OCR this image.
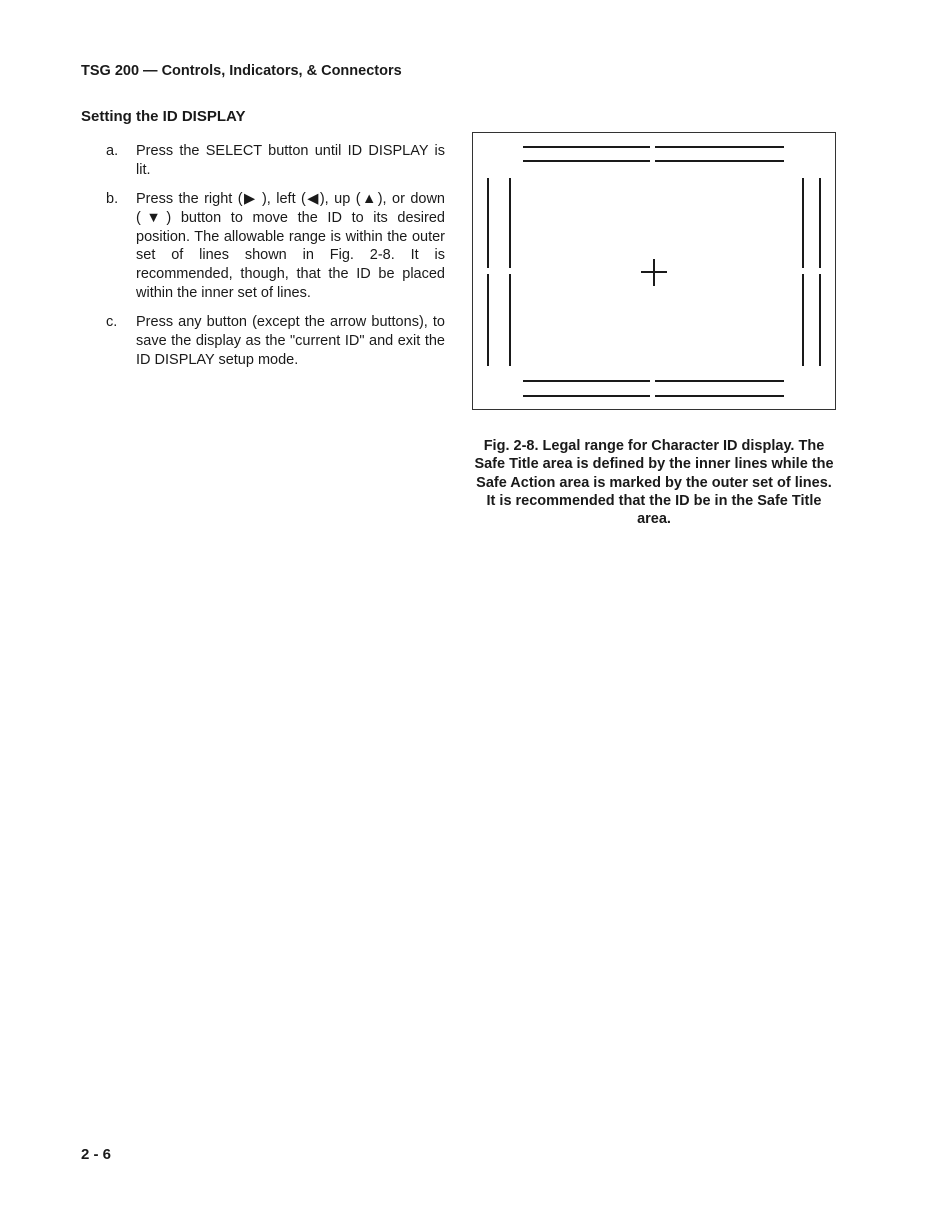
TSG 200 — Controls, Indicators, & Connectors
Setting the ID DISPLAY
a.	Press the SELECT button until ID DISPLAY is lit.
b.	Press the right (▶ ), left (◀), up (▲), or down (▼) button to move the ID to its desired position. The allowable range is within the outer set of lines shown in Fig. 2-8. It is recommended, though, that the ID be placed within the inner set of lines.
c.	Press any button (except the arrow buttons), to save the display as the "current ID" and exit the ID DISPLAY setup mode.
Fig. 2-8. Legal range for Character ID display. The Safe Title area is defined by the inner lines while the Safe Action area is marked by the outer set of lines. It is recommended that the ID be in the Safe Title area.
2 - 6
